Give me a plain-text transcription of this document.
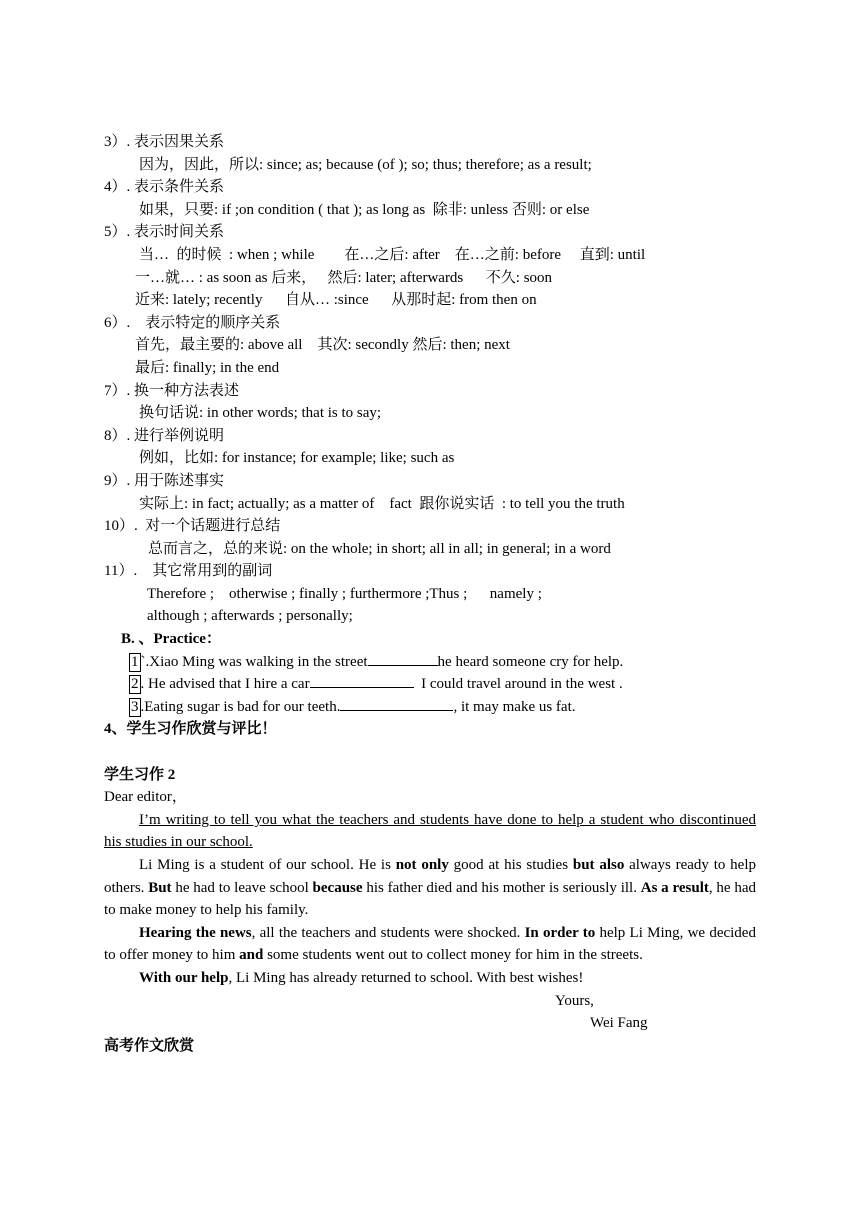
3）. 表示因果关系
因为，因此，所以: since; as; because (of ); so; thus; therefore; as a result;
4）. 表示条件关系
如果，只要: if ;on condition ( that ); as long as  除非: unless 否则: or else
5）. 表示时间关系
当…  的时候  : when ; while        在…之后: after    在…之前: before     直到: until
一…就… : as soon as 后来，   然后: later; afterwards      不久: soon
近来: lately; recently      自从… :since      从那时起: from then on
6）.    表示特定的顺序关系
首先，最主要的: above all    其次: secondly 然后: then; next
最后: finally; in the end
7）. 换一种方法表述
换句话说: in other words; that is to say;
8）. 进行举例说明
例如，比如: for instance; for example; like; such as
9）. 用于陈述事实
实际上: in fact; actually; as a matter of    fact  跟你说实话  : to tell you the truth
10）.  对一个话题进行总结
总而言之，总的来说: on the whole; in short; all in all; in general; in a word
11）.    其它常用到的副词
Therefore ;    otherwise ; finally ; furthermore ;Thus ;      namely ;
although ; afterwards ; personally;
B. 、Practice：
1 `.Xiao Ming was walking in the street	he heard someone cry for help.
2 . He advised that I hire a car	I could travel around in the west .
3 .Eating sugar is bad for our teeth.	, it may make us fat.
4、学生习作欣赏与评比！
学生习作 2
Dear editor，

I’m writing to tell you what the teachers and students have done to help a student who discontinued his studies in our school.

Li Ming is a student of our school. He is not only good at his studies but also always ready to help others. But he had to leave school because his father died and his mother is seriously ill. As a result, he had to make money to help his family.

Hearing the news, all the teachers and students were shocked. In order to help Li Ming, we decided to offer money to him and some students went out to collect money for him in the streets.

With our help, Li Ming has already returned to school. With best wishes!

Yours,
Wei Fang
高考作文欣赏
